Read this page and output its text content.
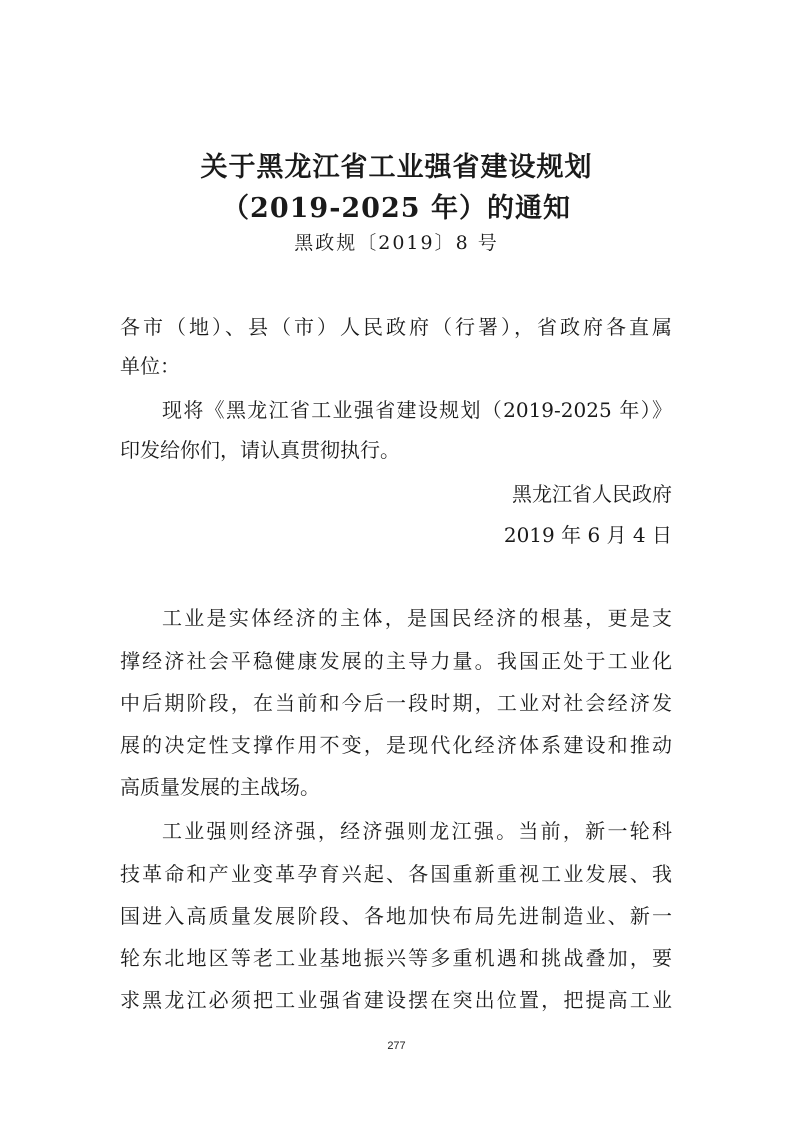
关于黑龙江省工业强省建设规划
（2019-2025 年）的通知
黑政规〔2019〕8 号
各市（地）、县（市）人民政府（行署），省政府各直属
单位：
现将《黑龙江省工业强省建设规划（2019-2025 年）》
印发给你们，请认真贯彻执行。
黑龙江省人民政府
2019 年 6 月 4 日
工业是实体经济的主体，是国民经济的根基，更是支
撑经济社会平稳健康发展的主导力量。我国正处于工业化
中后期阶段，在当前和今后一段时期，工业对社会经济发
展的决定性支撑作用不变，是现代化经济体系建设和推动
高质量发展的主战场。
工业强则经济强，经济强则龙江强。当前，新一轮科
技革命和产业变革孕育兴起、各国重新重视工业发展、我
国进入高质量发展阶段、各地加快布局先进制造业、新一
轮东北地区等老工业基地振兴等多重机遇和挑战叠加，要
求黑龙江必须把工业强省建设摆在突出位置，把提高工业
277
